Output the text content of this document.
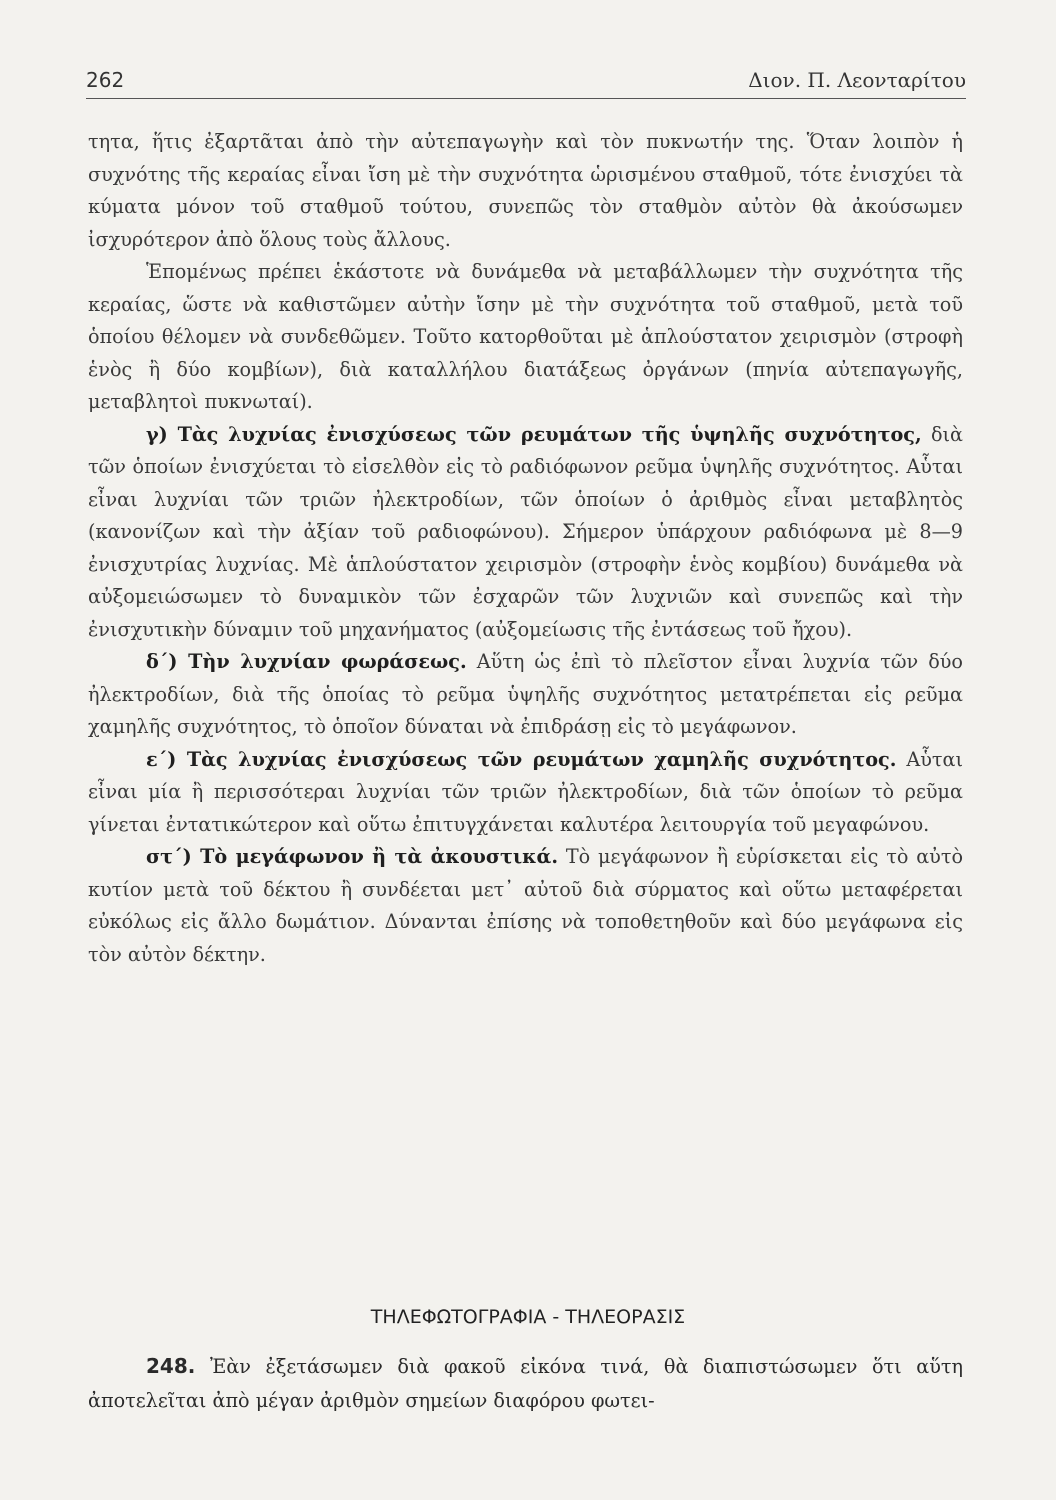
262	Διον. Π. Λεονταρίτου

τητα, ἥτις ἐξαρτᾶται ἀπὸ τὴν αὐτεπαγωγὴν καὶ τὸν πυκνωτήν της. Ὅταν λοιπὸν ἡ συχνότης τῆς κεραίας εἶναι ἴση μὲ τὴν συχνότητα ὡρισμένου σταθμοῦ, τότε ἐνισχύει τὰ κύματα μόνον τοῦ σταθμοῦ τούτου, συνεπῶς τὸν σταθμὸν αὐτὸν θὰ ἀκούσωμεν ἰσχυρότερον ἀπὸ ὅλους τοὺς ἄλλους.

Ἑπομένως πρέπει ἑκάστοτε νὰ δυνάμεθα νὰ μεταβάλλωμεν τὴν συχνότητα τῆς κεραίας, ὥστε νὰ καθιστῶμεν αὐτὴν ἴσην μὲ τὴν συχνότητα τοῦ σταθμοῦ, μετὰ τοῦ ὁποίου θέλομεν νὰ συνδεθῶμεν. Τοῦτο κατορθοῦται μὲ ἁπλούστατον χειρισμὸν (στροφὴ ἑνὸς ἢ δύο κομβίων), διὰ καταλλήλου διατάξεως ὀργάνων (πηνία αὐτεπαγωγῆς, μεταβλητοὶ πυκνωταί).

γ) Τὰς λυχνίας ἐνισχύσεως τῶν ρευμάτων τῆς ὑψηλῆς συχνότητος, διὰ τῶν ὁποίων ἐνισχύεται τὸ εἰσελθὸν εἰς τὸ ραδιόφωνον ρεῦμα ὑψηλῆς συχνότητος. Αὗται εἶναι λυχνίαι τῶν τριῶν ἠλεκτροδίων, τῶν ὁποίων ὁ ἀριθμὸς εἶναι μεταβλητὸς (κανονίζων καὶ τὴν ἀξίαν τοῦ ραδιοφώνου). Σήμερον ὑπάρχουν ραδιόφωνα μὲ 8—9 ἐνισχυτρίας λυχνίας. Μὲ ἁπλούστατον χειρισμὸν (στροφὴν ἑνὸς κομβίου) δυνάμεθα νὰ αὐξομειώσωμεν τὸ δυναμικὸν τῶν ἐσχαρῶν τῶν λυχνιῶν καὶ συνεπῶς καὶ τὴν ἐνισχυτικὴν δύναμιν τοῦ μηχανήματος (αὐξομείωσις τῆς ἐντάσεως τοῦ ἤχου).

δ΄) Τὴν λυχνίαν φωράσεως. Αὕτη ὡς ἐπὶ τὸ πλεῖστον εἶναι λυχνία τῶν δύο ἠλεκτροδίων, διὰ τῆς ὁποίας τὸ ρεῦμα ὑψηλῆς συχνότητος μετατρέπεται εἰς ρεῦμα χαμηλῆς συχνότητος, τὸ ὁποῖον δύναται νὰ ἐπιδράσῃ εἰς τὸ μεγάφωνον.

ε΄) Τὰς λυχνίας ἐνισχύσεως τῶν ρευμάτων χαμηλῆς συχνότητος. Αὗται εἶναι μία ἢ περισσότεραι λυχνίαι τῶν τριῶν ἠλεκτροδίων, διὰ τῶν ὁποίων τὸ ρεῦμα γίνεται ἐντατικώτερον καὶ οὕτω ἐπιτυγχάνεται καλυτέρα λειτουργία τοῦ μεγαφώνου.

στ΄) Τὸ μεγάφωνον ἢ τὰ ἀκουστικά. Τὸ μεγάφωνον ἢ εὑρίσκεται εἰς τὸ αὐτὸ κυτίον μετὰ τοῦ δέκτου ἢ συνδέεται μετ᾿ αὐτοῦ διὰ σύρματος καὶ οὕτω μεταφέρεται εὐκόλως εἰς ἄλλο δωμάτιον. Δύνανται ἐπίσης νὰ τοποθετηθοῦν καὶ δύο μεγάφωνα εἰς τὸν αὐτὸν δέκτην.

ΤΗΛΕΦΩΤΟΓΡΑΦΙΑ - ΤΗΛΕΟΡΑΣΙΣ

248. Ἐὰν ἐξετάσωμεν διὰ φακοῦ εἰκόνα τινά, θὰ διαπιστώσωμεν ὅτι αὕτη ἀποτελεῖται ἀπὸ μέγαν ἀριθμὸν σημείων διαφόρου φωτει-
